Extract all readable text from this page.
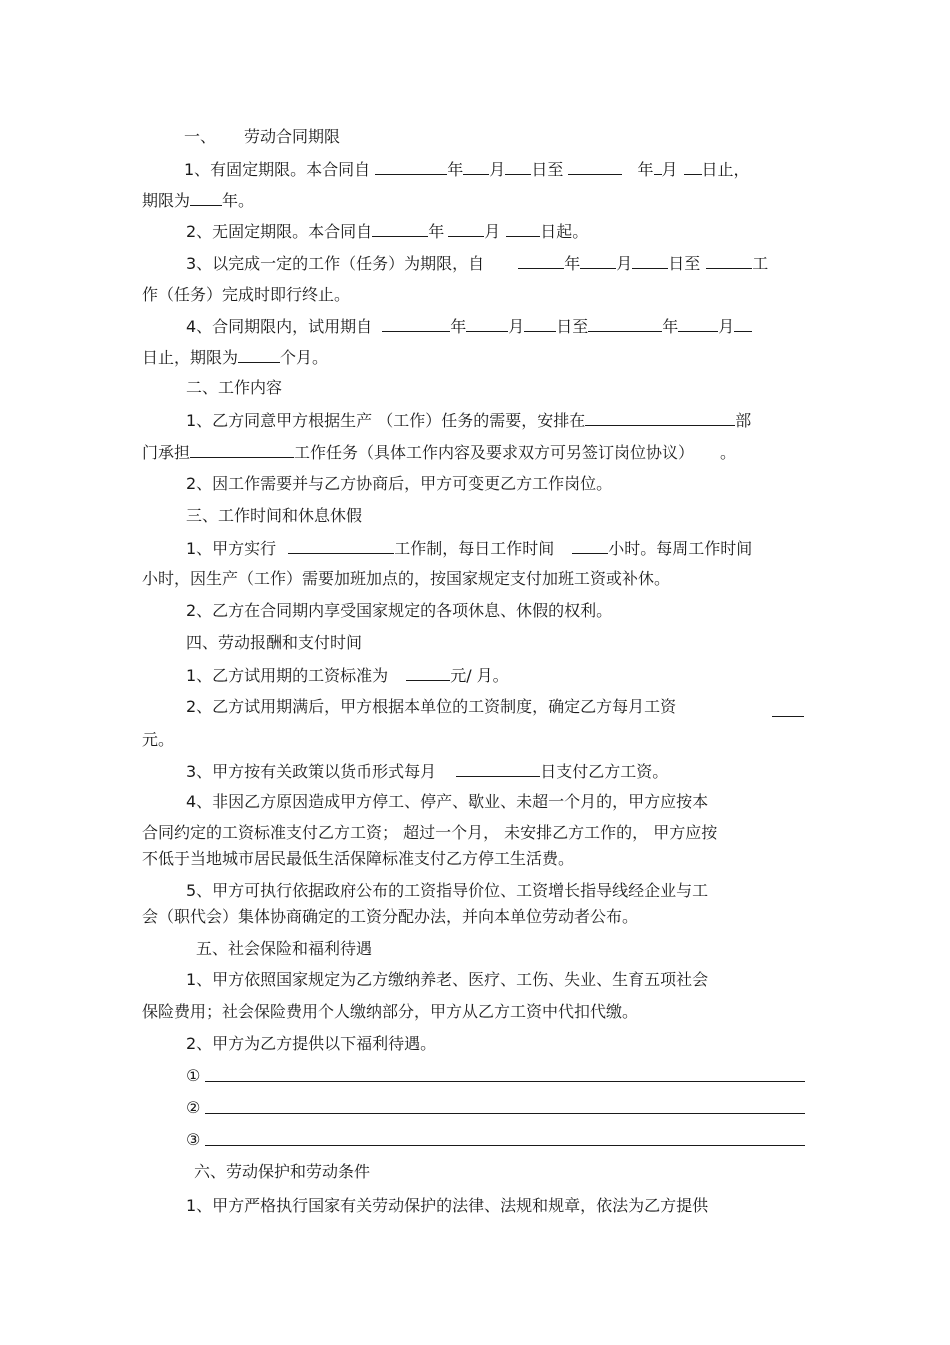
一、 劳动合同期限
1、有固定期限。本合同自	年 月 日至	年 月 日止，
期限为 年。
2、无固定期限。本合同自	年	月	日起。
3、以完成一定的工作（任务）为期限，自	年 月 日至	工
作（任务）完成时即行终止。
4、合同期限内，试用期自	年	月 日至	年	月
日止，期限为	个月。
二、工作内容
1、乙方同意甲方根据生产 （工作）任务的需要，安排在	部
门承担	工作任务（具体工作内容及要求双方可另签订岗位协议） 。
2、因工作需要并与乙方协商后，甲方可变更乙方工作岗位。
三、工作时间和休息休假
1、甲方实行	工作制，每日工作时间	小时。每周工作时间
小时，因生产（工作）需要加班加点的，按国家规定支付加班工资或补休。
2、乙方在合同期内享受国家规定的各项休息、休假的权利。
四、劳动报酬和支付时间
1、乙方试用期的工资标准为	元/ 月。
2、乙方试用期满后，甲方根据本单位的工资制度，确定乙方每月工资
元。
3、甲方按有关政策以货币形式每月	日支付乙方工资。
4、非因乙方原因造成甲方停工、停产、歇业、未超一个月的，甲方应按本
合同约定的工资标准支付乙方工资； 超过一个月， 未安排乙方工作的， 甲方应按
不低于当地城市居民最低生活保障标准支付乙方停工生活费。
5、甲方可执行依据政府公布的工资指导价位、工资增长指导线经企业与工
会（职代会）集体协商确定的工资分配办法，并向本单位劳动者公布。
五、社会保险和福利待遇
1、甲方依照国家规定为乙方缴纳养老、医疗、工伤、失业、生育五项社会
保险费用；社会保险费用个人缴纳部分，甲方从乙方工资中代扣代缴。
2、甲方为乙方提供以下福利待遇。
①
②
③
六、劳动保护和劳动条件
1、甲方严格执行国家有关劳动保护的法律、法规和规章，依法为乙方提供
